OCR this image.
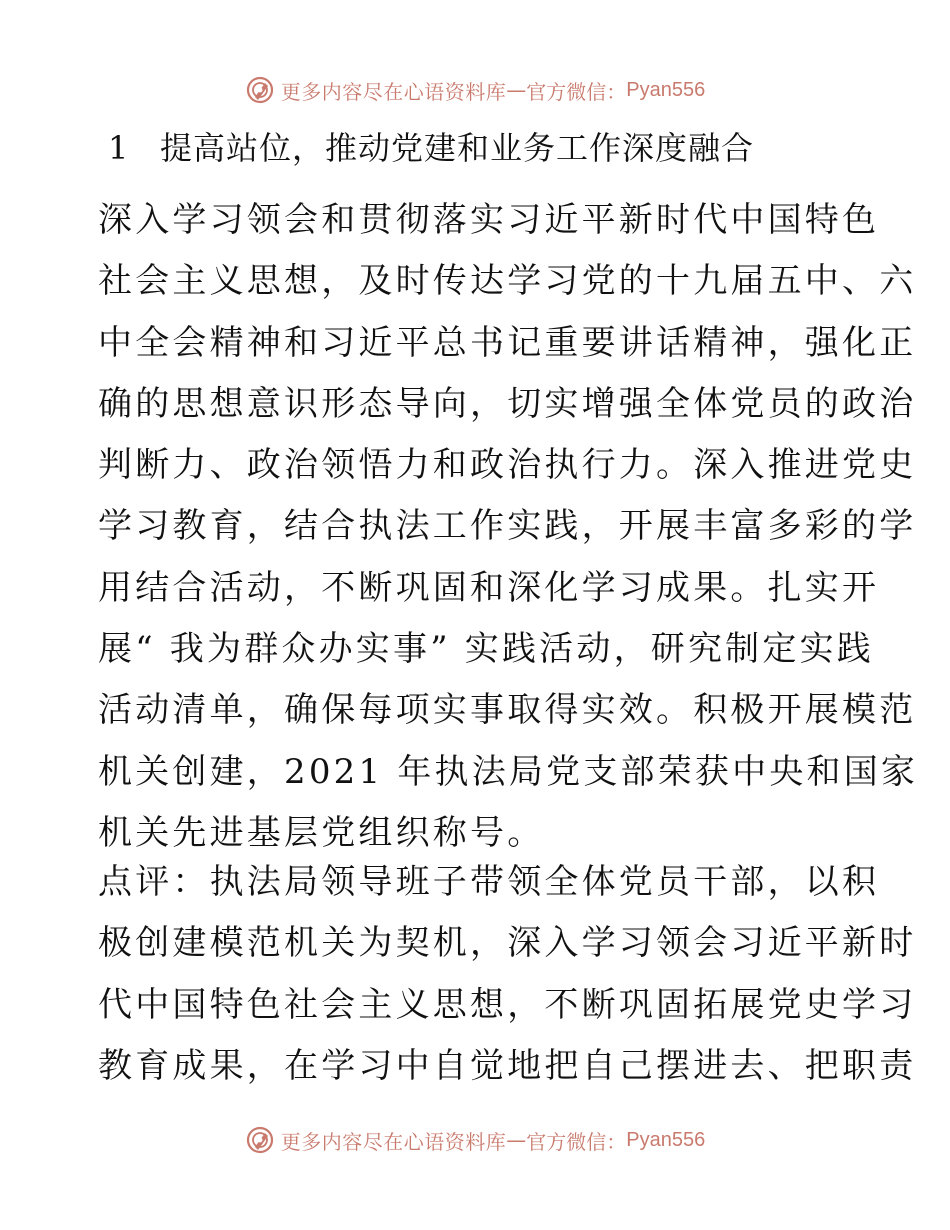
更多内容尽在心语资料库 — 官方微信： Pyan556
1 提高站位，推动党建和业务工作深度融合
深入学习领会和贯彻落实习近平新时代中国特色
社会主义思想，及时传达学习党的十九届五中、六
中全会精神和习近平总书记重要讲话精神，强化正
确的思想意识形态导向，切实增强全体党员的政治
判断力、政治领悟力和政治执行力。深入推进党史
学习教育，结合执法工作实践，开展丰富多彩的学
用结合活动，不断巩固和深化学习成果。扎实开
展“ 我为群众办实事” 实践活动，研究制定实践
活动清单，确保每项实事取得实效。积极开展模范
机关创建，2021 年执法局党支部荣获中央和国家
机关先进基层党组织称号。
点评：执法局领导班子带领全体党员干部，以积
极创建模范机关为契机，深入学习领会习近平新时
代中国特色社会主义思想，不断巩固拓展党史学习
教育成果，在学习中自觉地把自己摆进去、把职责
更多内容尽在心语资料库 — 官方微信： Pyan556
